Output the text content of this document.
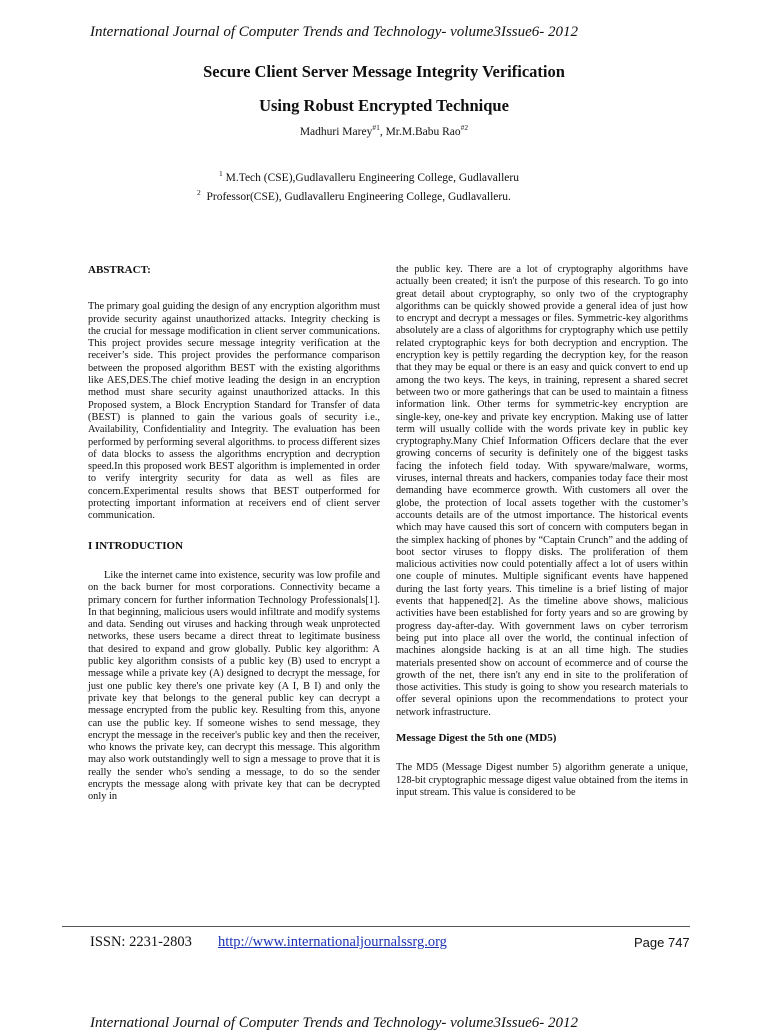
International Journal of Computer Trends and Technology- volume3Issue6- 2012
Secure Client Server Message Integrity Verification
Using Robust Encrypted Technique
Madhuri Marey$^{\#1}$, Mr.M.Babu Rao$^{\#2}$
$^1$ M.Tech (CSE),Gudlavalleru Engineering College, Gudlavalleru
$^2$ Professor(CSE), Gudlavalleru Engineering College, Gudlavalleru.
ABSTRACT:

The primary goal guiding the design of any encryption algorithm must provide security against unauthorized attacks. Integrity checking is the crucial for message modification in client server communications. This project provides secure message integrity verification at the receiver’s side. This project provides the performance comparison between the proposed algorithm BEST with the existing algorithms like AES,DES.The chief motive leading the design in an encryption method must share security against unauthorized attacks. In this Proposed system, a Block Encryption Standard for Transfer of data (BEST) is planned to gain the various goals of security i.e., Availability, Confidentiality and Integrity. The evaluation has been performed by performing several algorithms. to process different sizes of data blocks to assess the algorithms encryption and decryption speed.In this proposed work BEST algorithm is implemented in order to verify intergrity security for data as well as files are concern.Experimental results shows that BEST outperformed for protecting important information at receivers end of client server communication.

I INTRODUCTION

Like the internet came into existence, security was low profile and on the back burner for most corporations. Connectivity became a primary concern for further information Technology Professionals[1]. In that beginning, malicious users would infiltrate and modify systems and data. Sending out viruses and hacking through weak unprotected networks, these users became a direct threat to legitimate business that desired to expand and grow globally. Public key algorithm: A public key algorithm consists of a public key (B) used to encrypt a message while a private key (A) designed to decrypt the message, for just one public key there's one private key (A I, B I) and only the private key that belongs to the general public key can decrypt a message encrypted from the public key. Resulting from this, anyone can use the public key. If someone wishes to send message, they encrypt the message in the receiver's public key and then the receiver, who knows the private key, can decrypt this message. This algorithm may also work outstandingly well to sign a message to prove that it is really the sender who's sending a message, to do so the sender encrypts the message along with private key that can be decrypted only in

the public key. There are a lot of cryptography algorithms have actually been created; it isn't the purpose of this research. To go into great detail about cryptography, so only two of the cryptography algorithms can be quickly showed provide a general idea of just how to encrypt and decrypt a messages or files. Symmetric-key algorithms absolutely are a class of algorithms for cryptography which use pettily related cryptographic keys for both decryption and encryption. The encryption key is pettily regarding the decryption key, for the reason that they may be equal or there is an easy and quick convert to end up among the two keys. The keys, in training, represent a shared secret between two or more gatherings that can be used to maintain a fitness information link. Other terms for symmetric-key encryption are single-key, one-key and private key encryption. Making use of latter term will usually collide with the words private key in public key cryptography.Many Chief Information Officers declare that the ever growing concerns of security is definitely one of the biggest tasks facing the infotech field today. With spyware/malware, worms, viruses, internal threats and hackers, companies today face their most demanding have ecommerce growth. With customers all over the globe, the protection of local assets together with the customer’s accounts details are of the utmost importance. The historical events which may have caused this sort of concern with computers began in the simplex hacking of phones by “Captain Crunch” and the adding of boot sector viruses to floppy disks. The proliferation of them malicious activities now could potentially affect a lot of users within one couple of minutes. Multiple significant events have happened during the last forty years. This timeline is a brief listing of major events that happened[2]. As the timeline above shows, malicious activities have been established for forty years and so are growing by progress day-after-day. With government laws on cyber terrorism being put into place all over the world, the continual infection of machines alongside hacking is at an all time high. The studies materials presented show on account of ecommerce and of course the growth of the net, there isn't any end in site to the proliferation of those activities. This study is going to show you research materials to offer several opinions upon the recommendations to protect your network infrastructure.

Message Digest the 5th one (MD5)

The MD5 (Message Digest number 5) algorithm generate a unique, 128-bit cryptographic message digest value obtained from the items in input stream. This value is considered to be

ISSN: 2231-2803 http://www.internationaljournalssrg.org	Page 747
International Journal of Computer Trends and Technology- volume3Issue6- 2012
